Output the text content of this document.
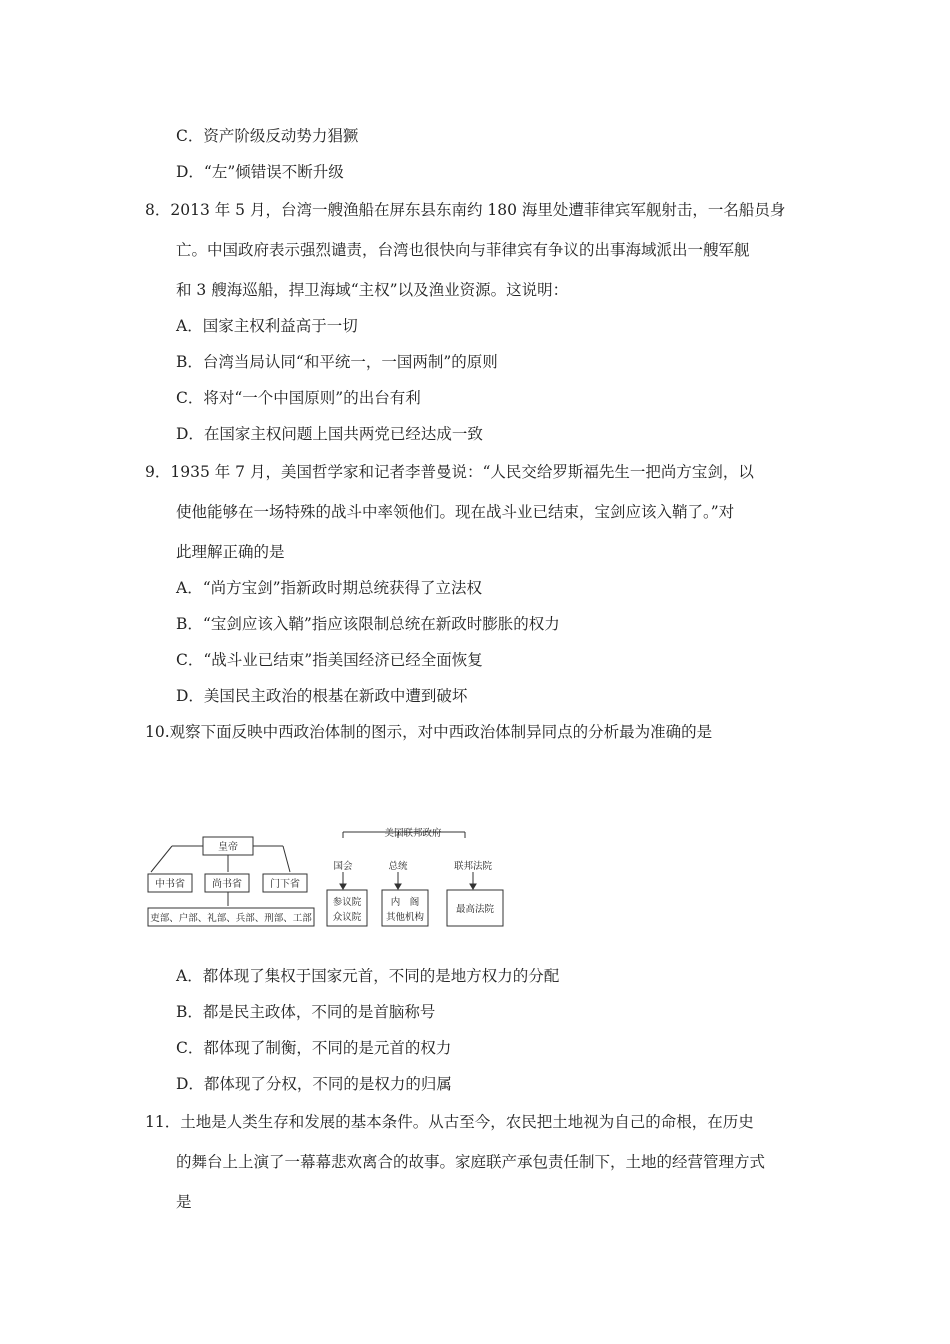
C．资产阶级反动势力猖獗
D．“左”倾错误不断升级
8．2013 年 5 月，台湾一艘渔船在屏东县东南约 180 海里处遭菲律宾军舰射击，一名船员身
亡。中国政府表示强烈谴责，台湾也很快向与菲律宾有争议的出事海域派出一艘军舰
和 3 艘海巡船，捍卫海域“主权”以及渔业资源。这说明：
A．国家主权利益高于一切
B．台湾当局认同“和平统一，一国两制”的原则
C．将对“一个中国原则”的出台有利
D．在国家主权问题上国共两党已经达成一致
9．1935 年 7 月，美国哲学家和记者李普曼说：“人民交给罗斯福先生一把尚方宝剑，以
使他能够在一场特殊的战斗中率领他们。现在战斗业已结束，宝剑应该入鞘了。”对
此理解正确的是
A．“尚方宝剑”指新政时期总统获得了立法权
B．“宝剑应该入鞘”指应该限制总统在新政时膨胀的权力
C．“战斗业已结束”指美国经济已经全面恢复
D．美国民主政治的根基在新政中遭到破坏
10.观察下面反映中西政治体制的图示，对中西政治体制异同点的分析最为准确的是
皇帝
中书省	尚书省	门下省
吏部、户部、礼部、兵部、刑部、工部
美国联邦政府
国会	总统	联邦法院
参议院
众议院
内　阁
其他机构
最高法院
A．都体现了集权于国家元首，不同的是地方权力的分配
B．都是民主政体，不同的是首脑称号
C．都体现了制衡，不同的是元首的权力
D．都体现了分权，不同的是权力的归属
11．土地是人类生存和发展的基本条件。从古至今，农民把土地视为自己的命根，在历史
的舞台上上演了一幕幕悲欢离合的故事。家庭联产承包责任制下，土地的经营管理方式
是
